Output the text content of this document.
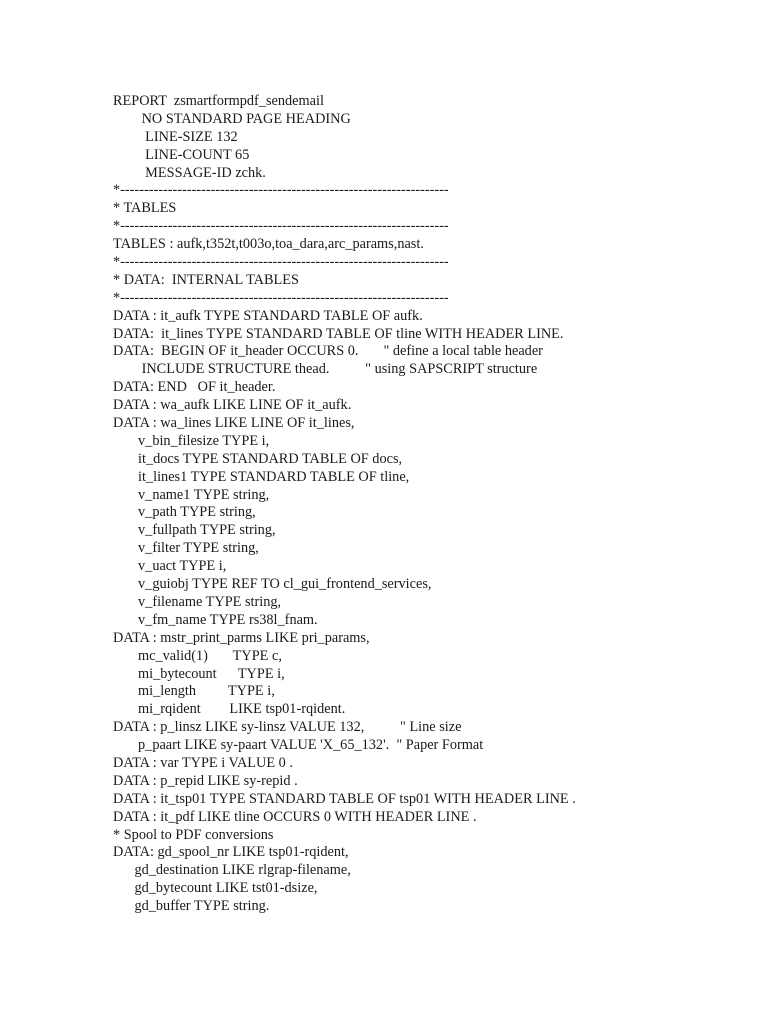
REPORT  zsmartformpdf_sendemail
NO STANDARD PAGE HEADING
LINE-SIZE 132
LINE-COUNT 65
MESSAGE-ID zchk.
*---------------------------------------------------------------------
* TABLES
*---------------------------------------------------------------------
TABLES : aufk,t352t,t003o,toa_dara,arc_params,nast.
*---------------------------------------------------------------------
* DATA:  INTERNAL TABLES
*---------------------------------------------------------------------
DATA : it_aufk TYPE STANDARD TABLE OF aufk.
DATA:  it_lines TYPE STANDARD TABLE OF tline WITH HEADER LINE.
DATA:  BEGIN OF it_header OCCURS 0.       " define a local table header
INCLUDE STRUCTURE thead.          " using SAPSCRIPT structure
DATA: END   OF it_header.
DATA : wa_aufk LIKE LINE OF it_aufk.
DATA : wa_lines LIKE LINE OF it_lines,
v_bin_filesize TYPE i,
it_docs TYPE STANDARD TABLE OF docs,
it_lines1 TYPE STANDARD TABLE OF tline,
v_name1 TYPE string,
v_path TYPE string,
v_fullpath TYPE string,
v_filter TYPE string,
v_uact TYPE i,
v_guiobj TYPE REF TO cl_gui_frontend_services,
v_filename TYPE string,
v_fm_name TYPE rs38l_fnam.
DATA : mstr_print_parms LIKE pri_params,
mc_valid(1)       TYPE c,
mi_bytecount      TYPE i,
mi_length         TYPE i,
mi_rqident        LIKE tsp01-rqident.
DATA : p_linsz LIKE sy-linsz VALUE 132,          " Line size
p_paart LIKE sy-paart VALUE 'X_65_132'.  " Paper Format
DATA : var TYPE i VALUE 0 .
DATA : p_repid LIKE sy-repid .
DATA : it_tsp01 TYPE STANDARD TABLE OF tsp01 WITH HEADER LINE .
DATA : it_pdf LIKE tline OCCURS 0 WITH HEADER LINE .
* Spool to PDF conversions
DATA: gd_spool_nr LIKE tsp01-rqident,
gd_destination LIKE rlgrap-filename,
gd_bytecount LIKE tst01-dsize,
gd_buffer TYPE string.
